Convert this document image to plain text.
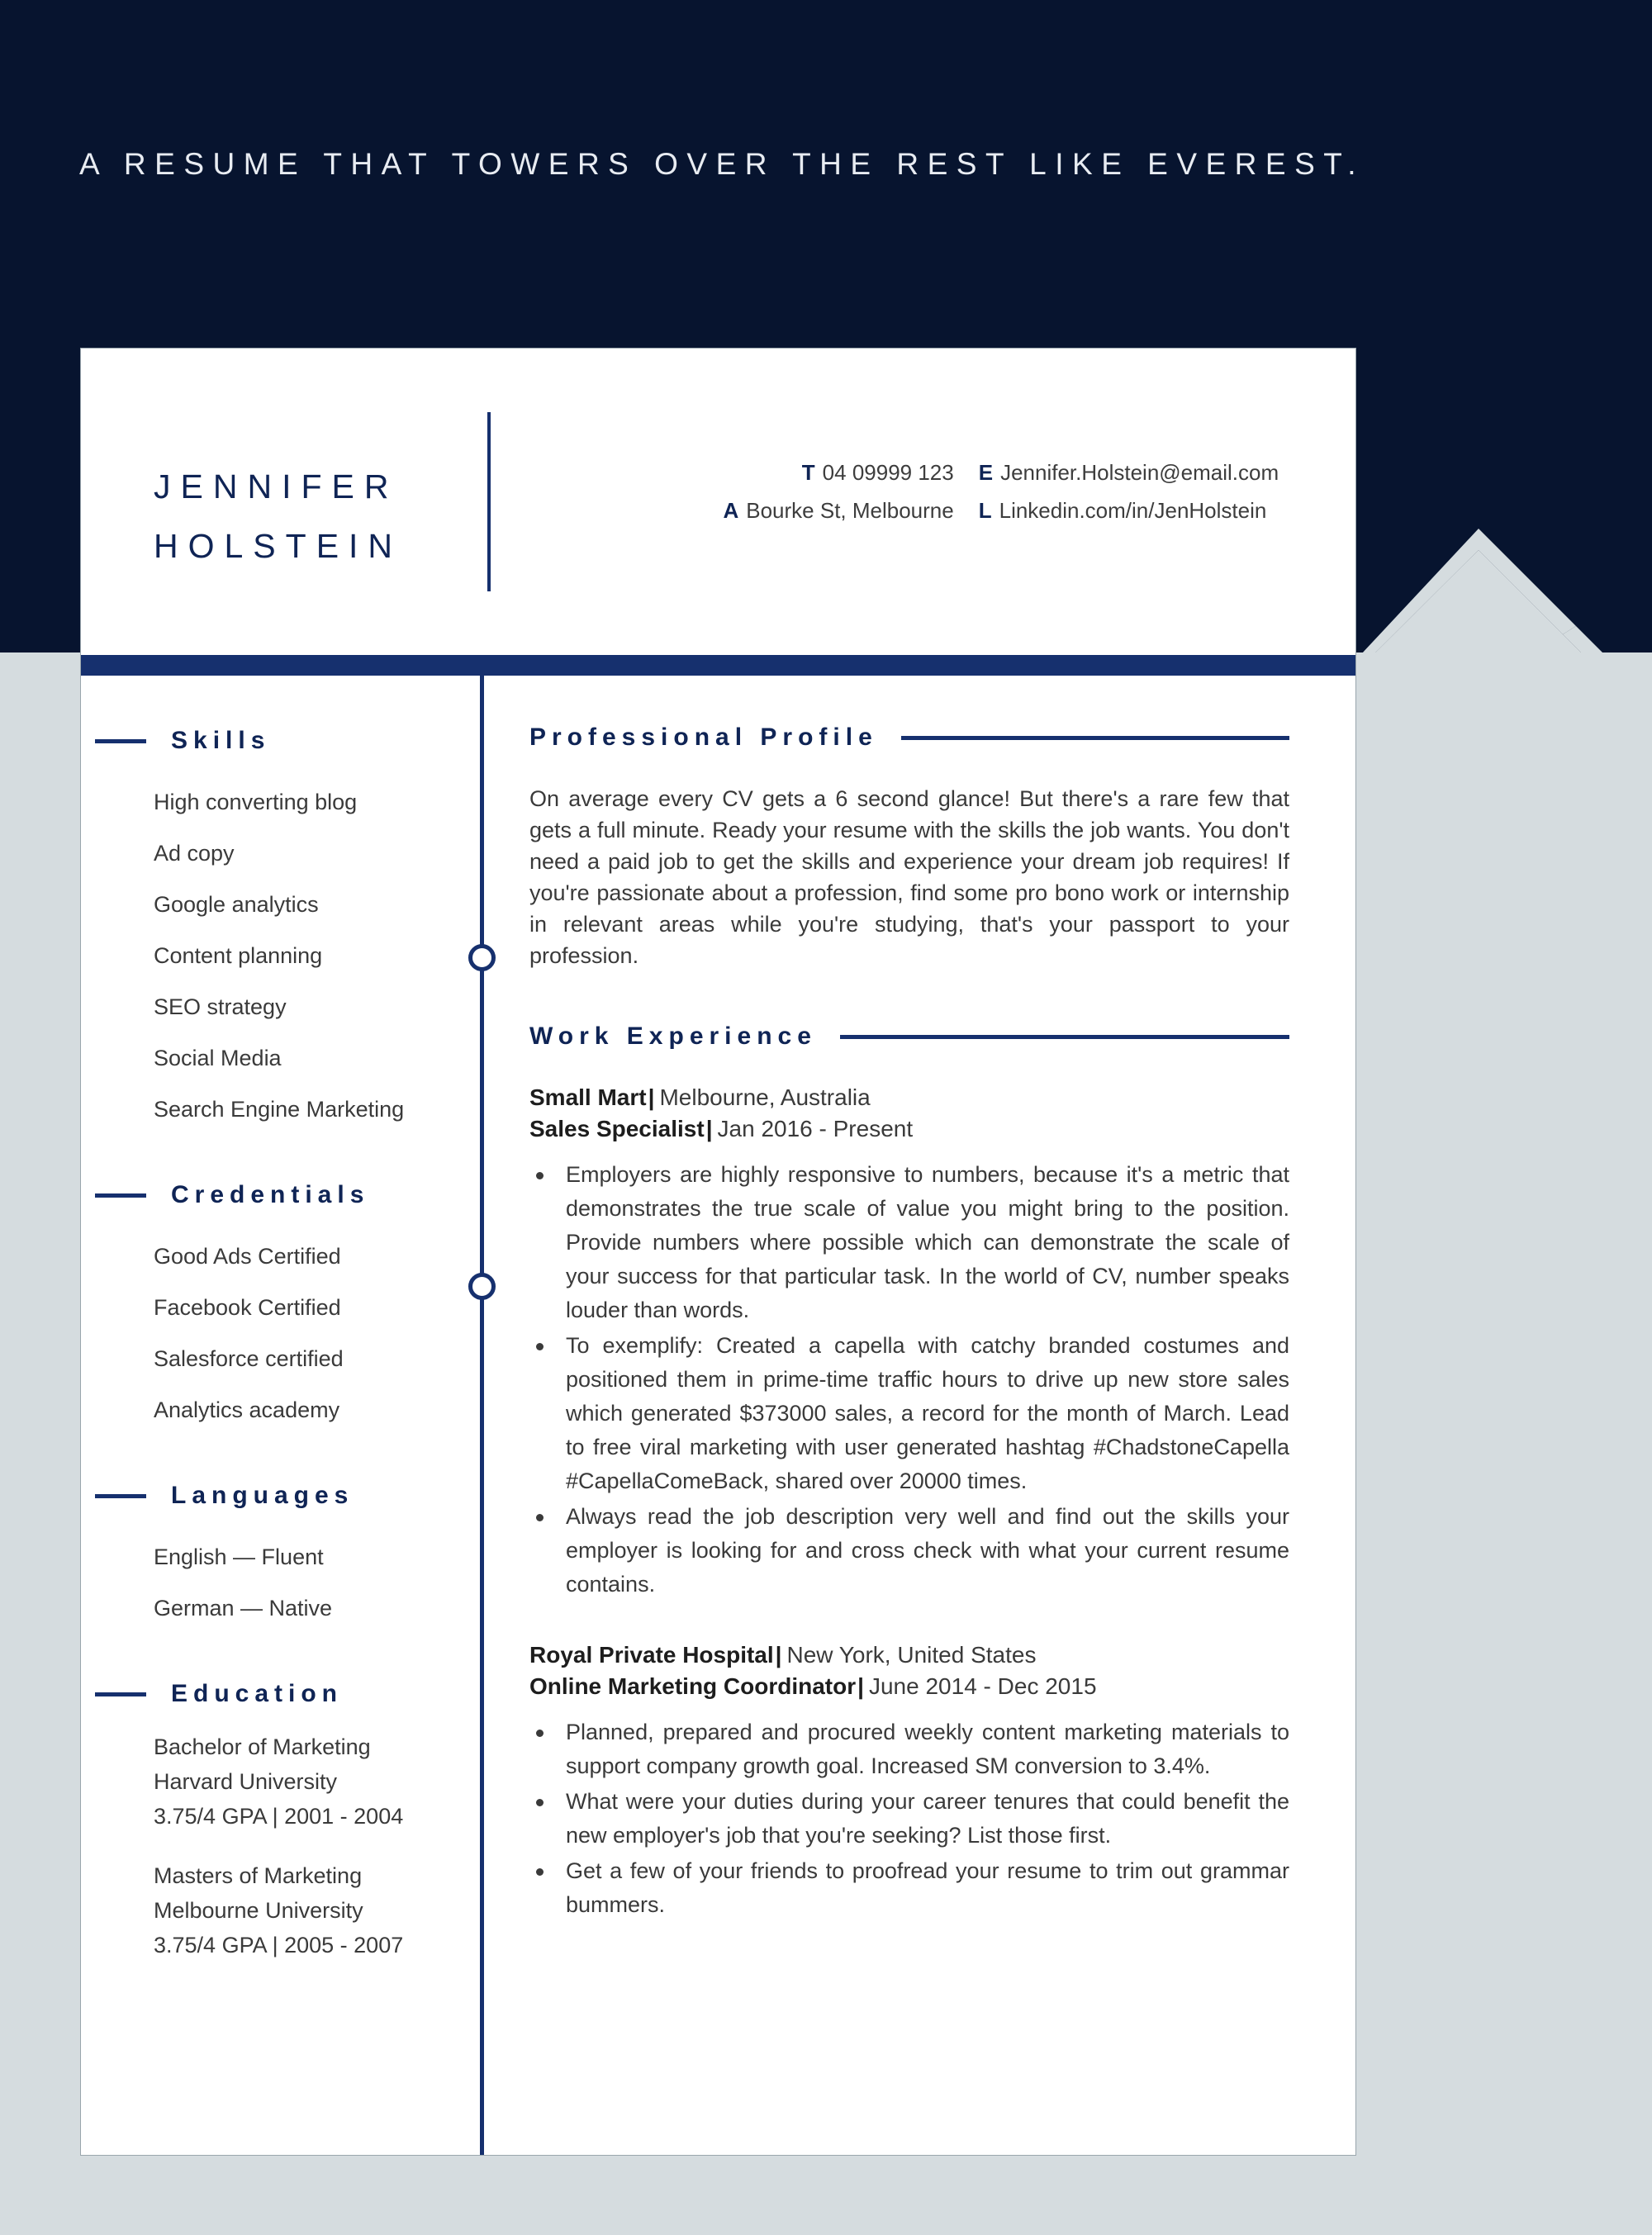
A RESUME THAT TOWERS OVER THE REST LIKE EVEREST.
JENNIFER
HOLSTEIN
T 04 09999 123 E Jennifer.Holstein@email.com
A Bourke St, Melbourne L Linkedin.com/in/JenHolstein
Skills
High converting blog
Ad copy
Google analytics
Content planning
SEO strategy
Social Media
Search Engine Marketing
Credentials
Good Ads Certified
Facebook Certified
Salesforce certified
Analytics academy
Languages
English — Fluent
German — Native
Education
Bachelor of Marketing
Harvard University
3.75/4 GPA | 2001 - 2004
Masters of Marketing
Melbourne University
3.75/4 GPA | 2005 - 2007
Professional Profile
On average every CV gets a 6 second glance! But there's a rare few that gets a full minute. Ready your resume with the skills the job wants. You don't need a paid job to get the skills and experience your dream job requires! If you're passionate about a profession, find some pro bono work or internship in relevant areas while you're studying, that's your passport to your profession.
Work Experience
Small Mart| Melbourne, Australia
Sales Specialist| Jan 2016 - Present
Employers are highly responsive to numbers, because it's a metric that demonstrates the true scale of value you might bring to the position. Provide numbers where possible which can demonstrate the scale of your success for that particular task. In the world of CV, number speaks louder than words.
To exemplify: Created a capella with catchy branded costumes and positioned them in prime-time traffic hours to drive up new store sales which generated $373000 sales, a record for the month of March. Lead to free viral marketing with user generated hashtag #ChadstoneCapella #CapellaComeBack, shared over 20000 times.
Always read the job description very well and find out the skills your employer is looking for and cross check with what your current resume contains.
Royal Private Hospital| New York, United States
Online Marketing Coordinator| June 2014 - Dec 2015
Planned, prepared and procured weekly content marketing materials to support company growth goal. Increased SM conversion to 3.4%.
What were your duties during your career tenures that could benefit the new employer's job that you're seeking? List those first.
Get a few of your friends to proofread your resume to trim out grammar bummers.
